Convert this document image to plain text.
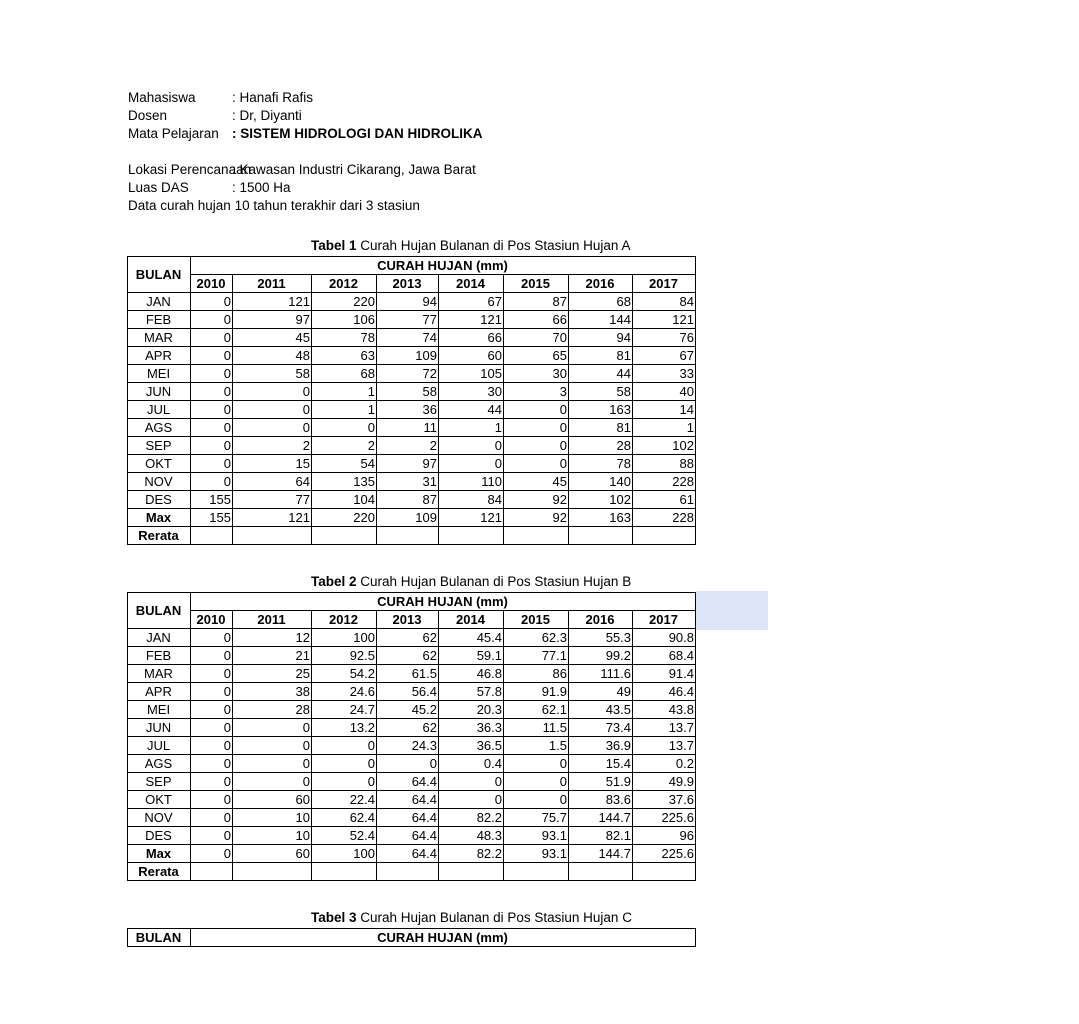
Mahasiswa	: Hanafi Rafis
Dosen	: Dr, Diyanti
Mata Pelajaran : SISTEM HIDROLOGI DAN HIDROLIKA
Lokasi Perencanaan: Kawasan Industri Cikarang, Jawa Barat
Luas DAS	: 1500 Ha
Data curah hujan 10 tahun terakhir dari 3 stasiun
Tabel 1 Curah Hujan Bulanan di Pos Stasiun Hujan A
Tabel 2 Curah Hujan Bulanan di Pos Stasiun Hujan B
Tabel 3 Curah Hujan Bulanan di Pos Stasiun Hujan C
BULAN	CURAH HUJAN (mm)							
	2010	2011	2012	2013	2014	2015	2016	2017
JAN	0	121	220	94	67	87	68	84
FEB	0	97	106	77	121	66	144	121
MAR	0	45	78	74	66	70	94	76
APR	0	48	63	109	60	65	81	67
MEI	0	58	68	72	105	30	44	33
JUN	0	0	1	58	30	3	58	40
JUL	0	0	1	36	44	0	163	14
AGS	0	0	0	11	1	0	81	1
SEP	0	2	2	2	0	0	28	102
OKT	0	15	54	97	0	0	78	88
NOV	0	64	135	31	110	45	140	228
DES	155	77	104	87	84	92	102	61
Max	155	121	220	109	121	92	163	228
Rerata								
BULAN	CURAH HUJAN (mm)							
	2010	2011	2012	2013	2014	2015	2016	2017
JAN	0	12	100	62	45.4	62.3	55.3	90.8
FEB	0	21	92.5	62	59.1	77.1	99.2	68.4
MAR	0	25	54.2	61.5	46.8	86	111.6	91.4
APR	0	38	24.6	56.4	57.8	91.9	49	46.4
MEI	0	28	24.7	45.2	20.3	62.1	43.5	43.8
JUN	0	0	13.2	62	36.3	11.5	73.4	13.7
JUL	0	0	0	24.3	36.5	1.5	36.9	13.7
AGS	0	0	0	0	0.4	0	15.4	0.2
SEP	0	0	0	64.4	0	0	51.9	49.9
OKT	0	60	22.4	64.4	0	0	83.6	37.6
NOV	0	10	62.4	64.4	82.2	75.7	144.7	225.6
DES	0	10	52.4	64.4	48.3	93.1	82.1	96
Max	0	60	100	64.4	82.2	93.1	144.7	225.6
Rerata								
BULAN	CURAH HUJAN (mm)
